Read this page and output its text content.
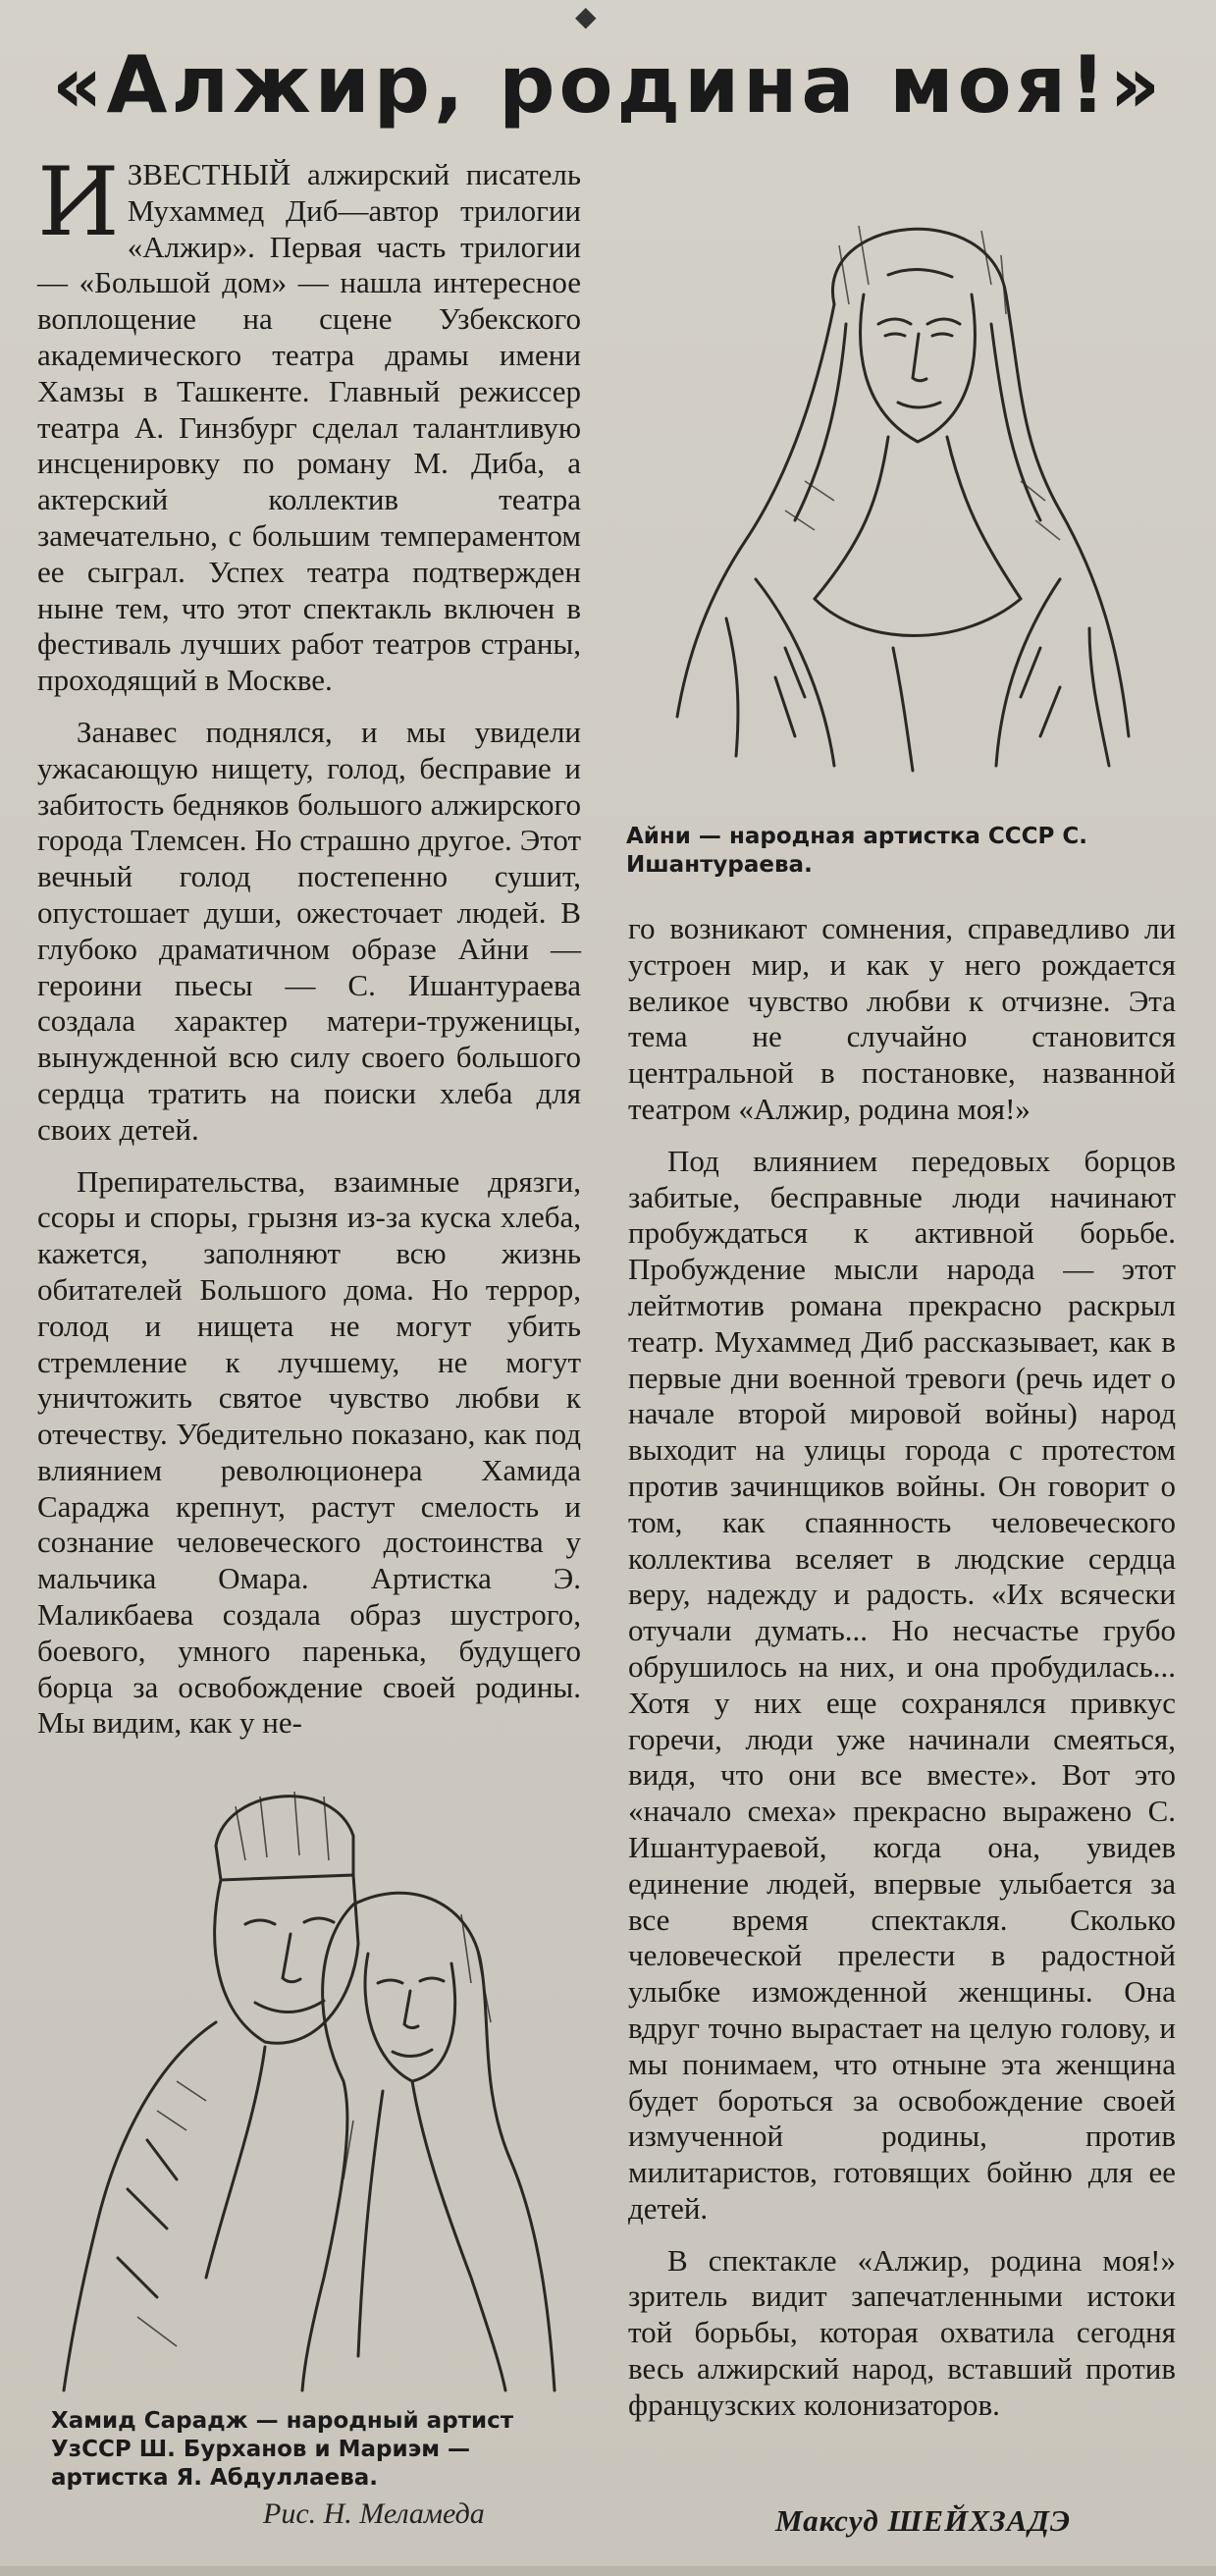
◆
«Алжир, родина моя!»

ИЗВЕСТНЫЙ алжирский писатель Мухаммед Диб—автор трилогии «Алжир». Первая часть трилогии — «Большой дом» — нашла интересное воплощение на сцене Узбекского академического театра драмы имени Хамзы в Ташкенте. Главный режиссер театра А. Гинзбург сделал талантливую инсценировку по роману М. Диба, а актерский коллектив театра замечательно, с большим темпераментом ее сыграл. Успех театра подтвержден ныне тем, что этот спектакль включен в фестиваль лучших работ театров страны, проходящий в Москве.

Занавес поднялся, и мы увидели ужасающую нищету, голод, бесправие и забитость бедняков большого алжирского города Тлемсен. Но страшно другое. Этот вечный голод постепенно сушит, опустошает души, ожесточает людей. В глубоко драматичном образе Айни — героини пьесы — С. Ишантураева создала характер матери-труженицы, вынужденной всю силу своего большого сердца тратить на поиски хлеба для своих детей.

Препирательства, взаимные дрязги, ссоры и споры, грызня из-за куска хлеба, кажется, заполняют всю жизнь обитателей Большого дома. Но террор, голод и нищета не могут убить стремление к лучшему, не могут уничтожить святое чувство любви к отечеству. Убедительно показано, как под влиянием революционера Хамида Сараджа крепнут, растут смелость и сознание человеческого достоинства у мальчика Омара. Артистка Э. Маликбаева создала образ шустрого, боевого, умного паренька, будущего борца за освобождение своей родины. Мы видим, как у не-

Айни — народная артистка СССР С. Ишантураева.

го возникают сомнения, справедливо ли устроен мир, и как у него рождается великое чувство любви к отчизне. Эта тема не случайно становится центральной в постановке, названной театром «Алжир, родина моя!»

Под влиянием передовых борцов забитые, бесправные люди начинают пробуждаться к активной борьбе. Пробуждение мысли народа — этот лейтмотив романа прекрасно раскрыл театр. Мухаммед Диб рассказывает, как в первые дни военной тревоги (речь идет о начале второй мировой войны) народ выходит на улицы города с протестом против зачинщиков войны. Он говорит о том, как спаянность человеческого коллектива вселяет в людские сердца веру, надежду и радость. «Их всячески отучали думать... Но несчастье грубо обрушилось на них, и она пробудилась... Хотя у них еще сохранялся привкус горечи, люди уже начинали смеяться, видя, что они все вместе». Вот это «начало смеха» прекрасно выражено С. Ишантураевой, когда она, увидев единение людей, впервые улыбается за все время спектакля. Сколько человеческой прелести в радостной улыбке изможденной женщины. Она вдруг точно вырастает на целую голову, и мы понимаем, что отныне эта женщина будет бороться за освобождение своей измученной родины, против милитаристов, готовящих бойню для ее детей.

В спектакле «Алжир, родина моя!» зритель видит запечатленными истоки той борьбы, которая охватила сегодня весь алжирский народ, вставший против французских колонизаторов.

Хамид Сарадж — народный артист УзССР Ш. Бурханов и Мариэм — артистка Я. Абдуллаева.
Рис. Н. Меламеда	Максуд ШЕЙХЗАДЭ
